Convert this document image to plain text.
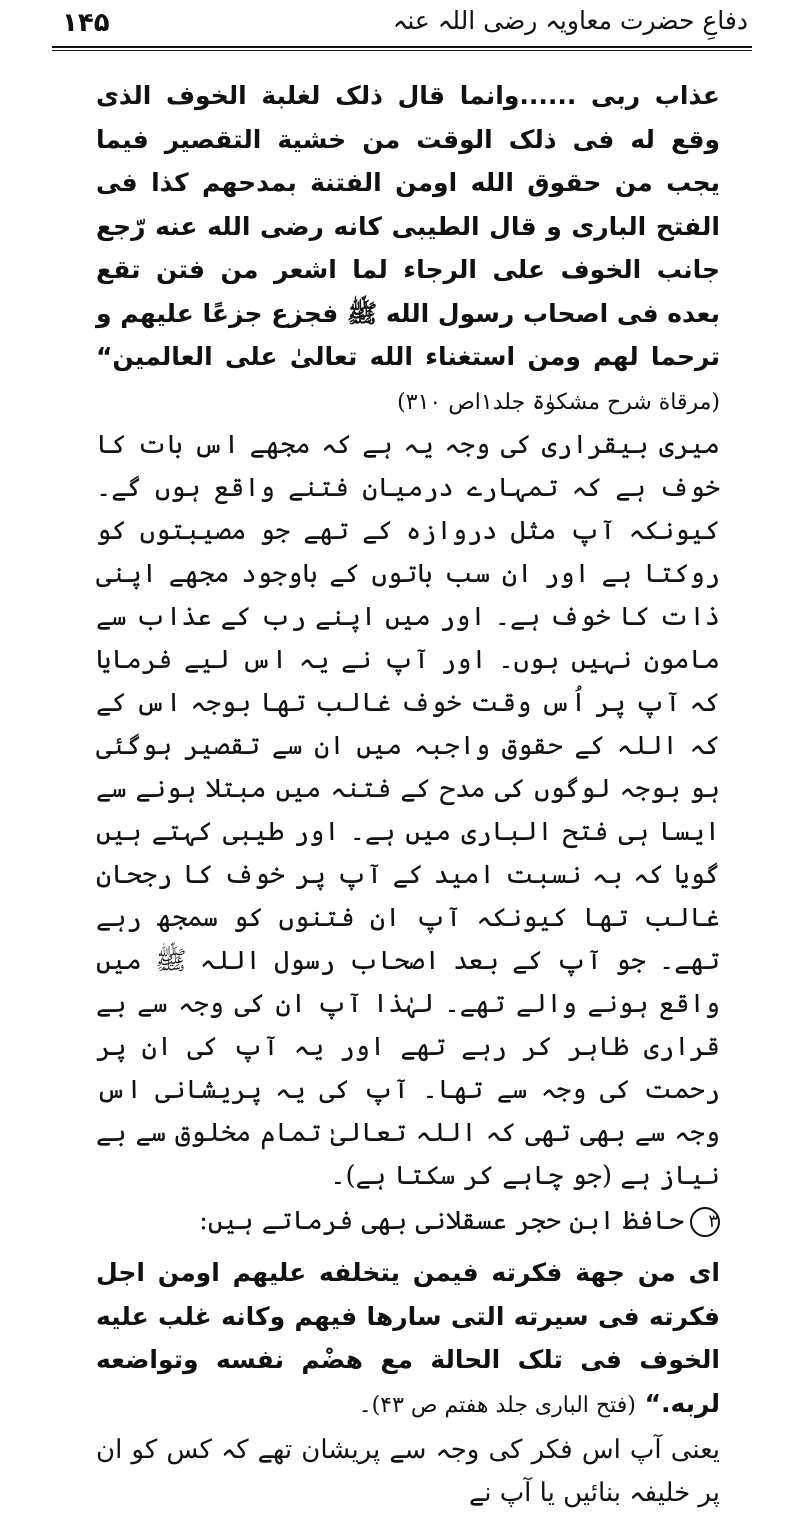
۱۴۵	دفاعِ حضرت معاویہ رضی اللہ عنہ

عذاب ربی ......وانما قال ذلک لغلبة الخوف الذی وقع له فی ذلک الوقت من خشیة التقصیر فیما یجب من حقوق الله اومن الفتنة بمدحهم کذا فی الفتح الباری و قال الطیبی کانه رضی الله عنه رّجع جانب الخوف علی الرجاء لما اشعر من فتن تقع بعده فی اصحاب رسول الله ﷺ فجزع جزعًا علیهم و ترحما لهم ومن استغناء الله تعالیٰ علی العالمین“ (مرقاة شرح مشکوٰۃ جلد۱اص ۳۱۰)

میری بیقراری کی وجہ یہ ہے کہ مجھے اس بات کا خوف ہے کہ تمہارے درمیان فتنے واقع ہوں گے۔ کیونکہ آپ مثل دروازہ کے تھے جو مصیبتوں کو روکتا ہے اور ان سب باتوں کے باوجود مجھے اپنی ذات کا خوف ہے۔ اور میں اپنے رب کے عذاب سے مامون نہیں ہوں۔ اور آپ نے یہ اس لیے فرمایا کہ آپ پر اُس وقت خوف غالب تھا بوجہ اس کے کہ اللہ کے حقوق واجبہ میں ان سے تقصیر ہوگئی ہو بوجہ لوگوں کی مدح کے فتنہ میں مبتلا ہونے سے ایسا ہی فتح الباری میں ہے۔ اور طیبی کہتے ہیں گویا کہ بہ نسبت امید کے آپ پر خوف کا رجحان غالب تھا کیونکہ آپ ان فتنوں کو سمجھ رہے تھے۔ جو آپ کے بعد اصحاب رسول اللہ ﷺ میں واقع ہونے والے تھے۔ لہٰذا آپ ان کی وجہ سے بے قراری ظاہر کر رہے تھے اور یہ آپ کی ان پر رحمت کی وجہ سے تھا۔ آپ کی یہ پریشانی اس وجہ سے بھی تھی کہ اللہ تعالیٰ تمام مخلوق سے بے نیاز ہے (جو چاہے کر سکتا ہے)۔

۳حافظ ابن حجر عسقلانی بھی فرماتے ہیں:

ای من جهة فکرته فیمن یتخلفه علیهم اومن اجل فکرته فی سیرته التی سارها فیهم وکانه غلب علیه الخوف فی تلک الحالة مع هضْم نفسه وتواضعه لربه.“ (فتح الباری جلد ھفتم ص ۴۳)۔

یعنی آپ اس فکر کی وجہ سے پریشان تھے کہ کس کو ان پر خلیفہ بنائیں یا آپ نے
